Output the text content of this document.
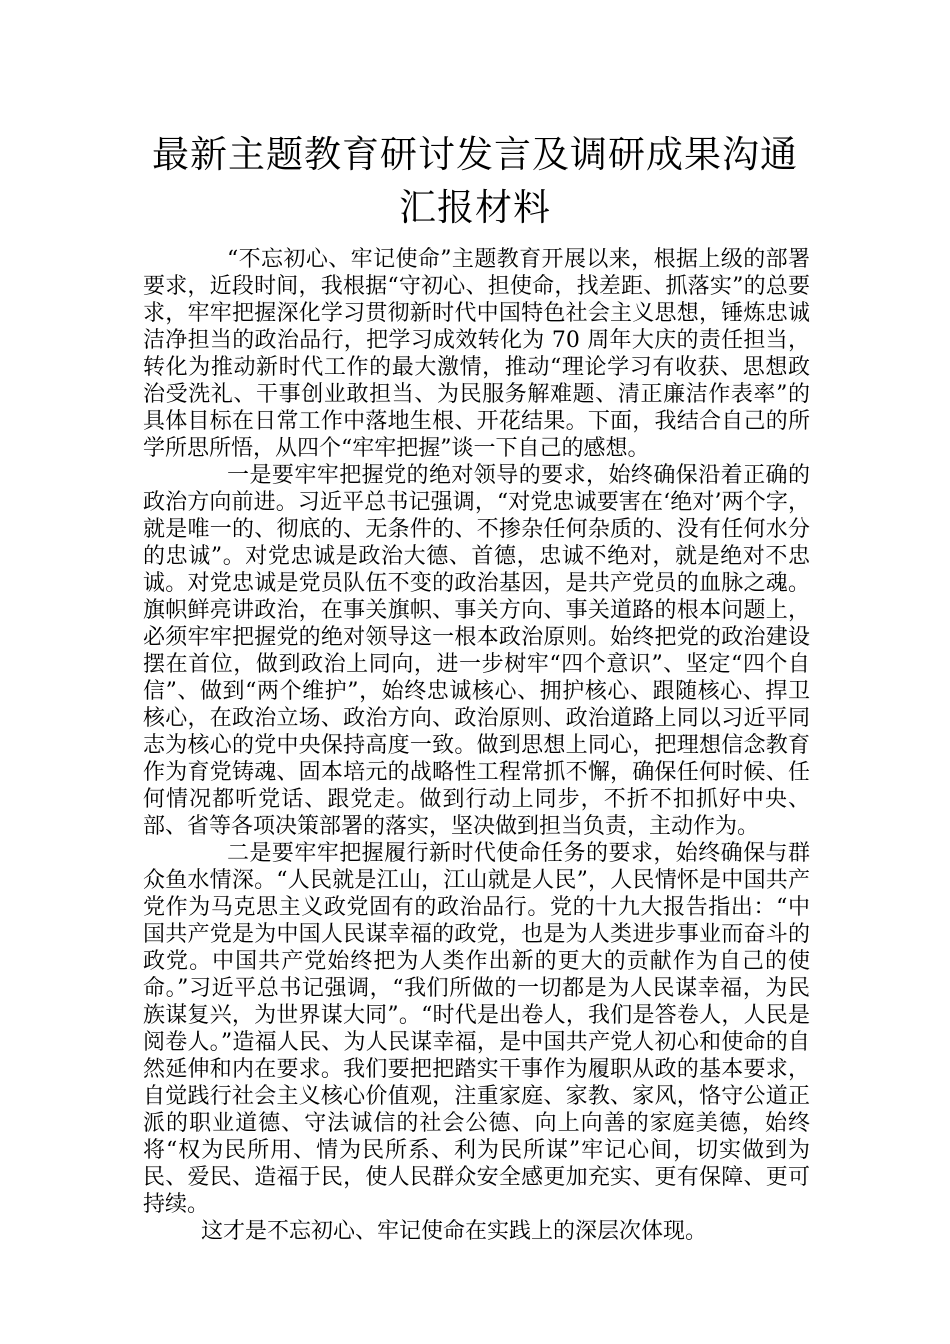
最新主题教育研讨发言及调研成果沟通汇报材料

“不忘初心、牢记使命”主题教育开展以来，根据上级的部署要求，近段时间，我根据“守初心、担使命，找差距、抓落实”的总要求，牢牢把握深化学习贯彻新时代中国特色社会主义思想，锤炼忠诚洁净担当的政治品行，把学习成效转化为 70 周年大庆的责任担当，转化为推动新时代工作的最大激情，推动“理论学习有收获、思想政治受洗礼、干事创业敢担当、为民服务解难题、清正廉洁作表率”的具体目标在日常工作中落地生根、开花结果。下面，我结合自己的所学所思所悟，从四个“牢牢把握”谈一下自己的感想。

一是要牢牢把握党的绝对领导的要求，始终确保沿着正确的政治方向前进。习近平总书记强调，“对党忠诚要害在‘绝对’两个字，就是唯一的、彻底的、无条件的、不掺杂任何杂质的、没有任何水分的忠诚”。对党忠诚是政治大德、首德，忠诚不绝对，就是绝对不忠诚。对党忠诚是党员队伍不变的政治基因，是共产党员的血脉之魂。旗帜鲜亮讲政治，在事关旗帜、事关方向、事关道路的根本问题上，必须牢牢把握党的绝对领导这一根本政治原则。始终把党的政治建设摆在首位，做到政治上同向，进一步树牢“四个意识”、坚定“四个自信”、做到“两个维护”，始终忠诚核心、拥护核心、跟随核心、捍卫核心，在政治立场、政治方向、政治原则、政治道路上同以习近平同志为核心的党中央保持高度一致。做到思想上同心，把理想信念教育作为育党铸魂、固本培元的战略性工程常抓不懈，确保任何时候、任何情况都听党话、跟党走。做到行动上同步，不折不扣抓好中央、部、省等各项决策部署的落实，坚决做到担当负责，主动作为。

二是要牢牢把握履行新时代使命任务的要求，始终确保与群众鱼水情深。“人民就是江山，江山就是人民”，人民情怀是中国共产党作为马克思主义政党固有的政治品行。党的十九大报告指出：“中国共产党是为中国人民谋幸福的政党，也是为人类进步事业而奋斗的政党。中国共产党始终把为人类作出新的更大的贡献作为自己的使命。”习近平总书记强调，“我们所做的一切都是为人民谋幸福，为民族谋复兴，为世界谋大同”。“时代是出卷人，我们是答卷人，人民是阅卷人。”造福人民、为人民谋幸福，是中国共产党人初心和使命的自然延伸和内在要求。我们要把把踏实干事作为履职从政的基本要求，自觉践行社会主义核心价值观，注重家庭、家教、家风，恪守公道正派的职业道德、守法诚信的社会公德、向上向善的家庭美德，始终将“权为民所用、情为民所系、利为民所谋”牢记心间，切实做到为民、爱民、造福于民，使人民群众安全感更加充实、更有保障、更可持续。

这才是不忘初心、牢记使命在实践上的深层次体现。
